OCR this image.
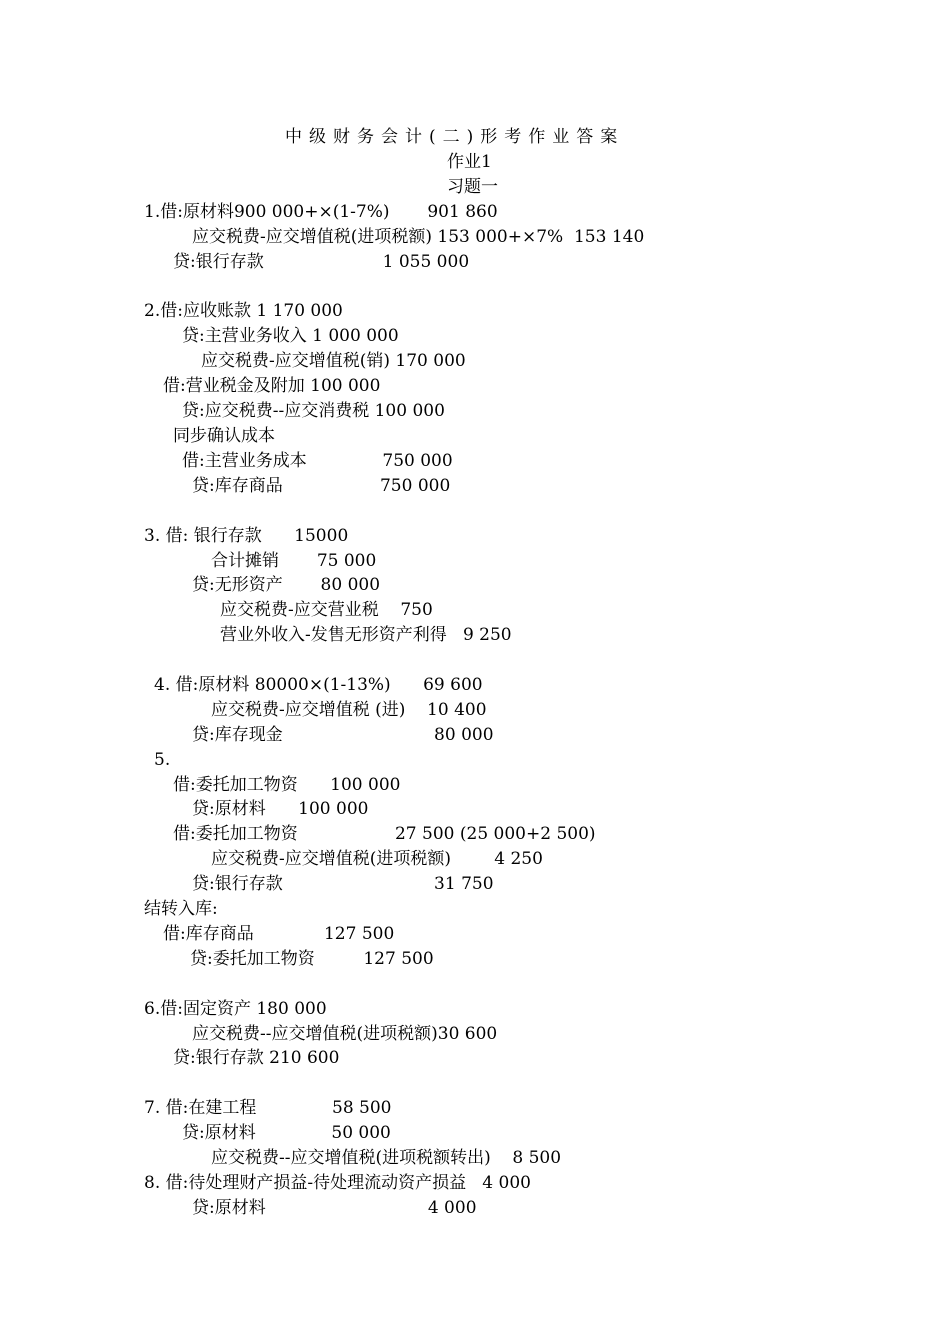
中级财务会计(二)形考作业答案
作业1
习题一
1.借:原材料900 000+×(1-7%)       901 860
应交税费-应交增值税(进项税额) 153 000+×7%  153 140
贷:银行存款                      1 055 000
2.借:应收账款 1 170 000
贷:主营业务收入 1 000 000
应交税费-应交增值税(销) 170 000
借:营业税金及附加 100 000
贷:应交税费--应交消费税 100 000
同步确认成本
借:主营业务成本              750 000
贷:库存商品                  750 000
3. 借: 银行存款      15000
合计摊销       75 000
贷:无形资产       80 000
应交税费-应交营业税    750
营业外收入-发售无形资产利得   9 250
4. 借:原材料 80000×(1-13%)      69 600
应交税费-应交增值税 (进)    10 400
贷:库存现金                            80 000
5.
借:委托加工物资      100 000
贷:原材料      100 000
借:委托加工物资                  27 500 (25 000+2 500)
应交税费-应交增值税(进项税额)        4 250
贷:银行存款                            31 750
结转入库:
借:库存商品             127 500
贷:委托加工物资         127 500
6.借:固定资产 180 000
应交税费--应交增值税(进项税额)30 600
贷:银行存款 210 600
7. 借:在建工程              58 500
贷:原材料              50 000
应交税费--应交增值税(进项税额转出)    8 500
8. 借:待处理财产损益-待处理流动资产损益   4 000
贷:原材料                              4 000
